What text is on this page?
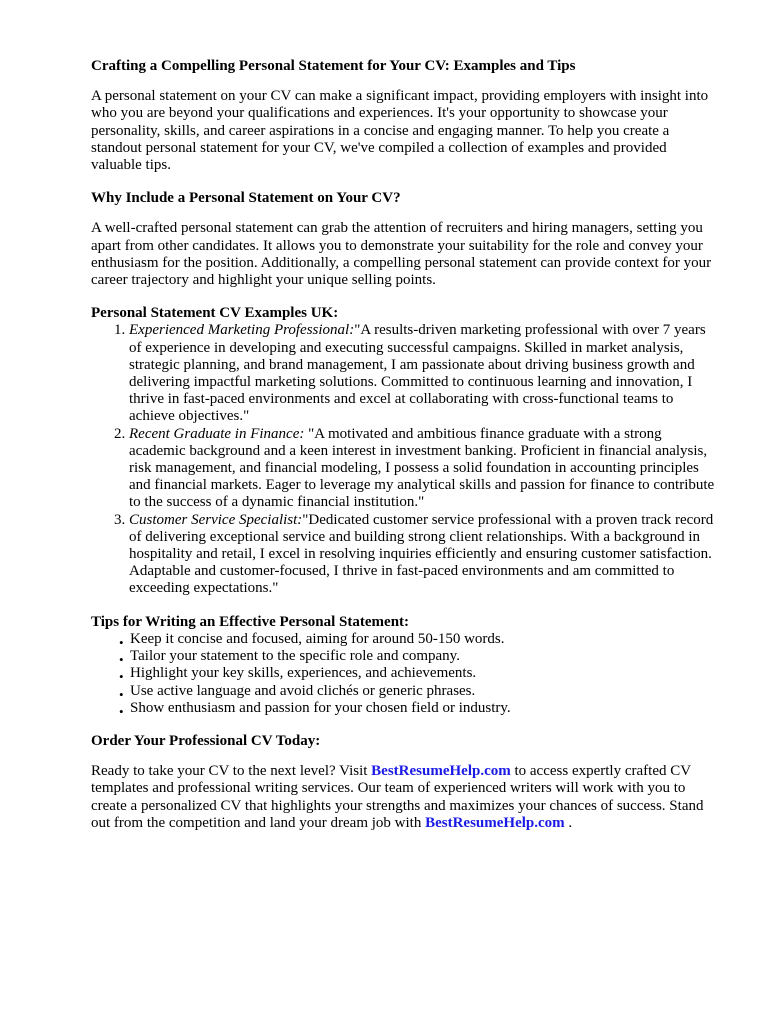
Crafting a Compelling Personal Statement for Your CV: Examples and Tips

A personal statement on your CV can make a significant impact, providing employers with insight into who you are beyond your qualifications and experiences. It's your opportunity to showcase your personality, skills, and career aspirations in a concise and engaging manner. To help you create a standout personal statement for your CV, we've compiled a collection of examples and provided valuable tips.

Why Include a Personal Statement on Your CV?

A well-crafted personal statement can grab the attention of recruiters and hiring managers, setting you apart from other candidates. It allows you to demonstrate your suitability for the role and convey your enthusiasm for the position. Additionally, a compelling personal statement can provide context for your career trajectory and highlight your unique selling points.

Personal Statement CV Examples UK:
1. Experienced Marketing Professional:"A results-driven marketing professional with over 7 years of experience in developing and executing successful campaigns. Skilled in market analysis, strategic planning, and brand management, I am passionate about driving business growth and delivering impactful marketing solutions. Committed to continuous learning and innovation, I thrive in fast-paced environments and excel at collaborating with cross-functional teams to achieve objectives."
2. Recent Graduate in Finance: "A motivated and ambitious finance graduate with a strong academic background and a keen interest in investment banking. Proficient in financial analysis, risk management, and financial modeling, I possess a solid foundation in accounting principles and financial markets. Eager to leverage my analytical skills and passion for finance to contribute to the success of a dynamic financial institution."
3. Customer Service Specialist:"Dedicated customer service professional with a proven track record of delivering exceptional service and building strong client relationships. With a background in hospitality and retail, I excel in resolving inquiries efficiently and ensuring customer satisfaction. Adaptable and customer-focused, I thrive in fast-paced environments and am committed to exceeding expectations."
Tips for Writing an Effective Personal Statement:
• Keep it concise and focused, aiming for around 50-150 words.
• Tailor your statement to the specific role and company.
• Highlight your key skills, experiences, and achievements.
• Use active language and avoid clichés or generic phrases.
• Show enthusiasm and passion for your chosen field or industry.
Order Your Professional CV Today:

Ready to take your CV to the next level? Visit BestResumeHelp.com to access expertly crafted CV templates and professional writing services. Our team of experienced writers will work with you to create a personalized CV that highlights your strengths and maximizes your chances of success. Stand out from the competition and land your dream job with BestResumeHelp.com .
